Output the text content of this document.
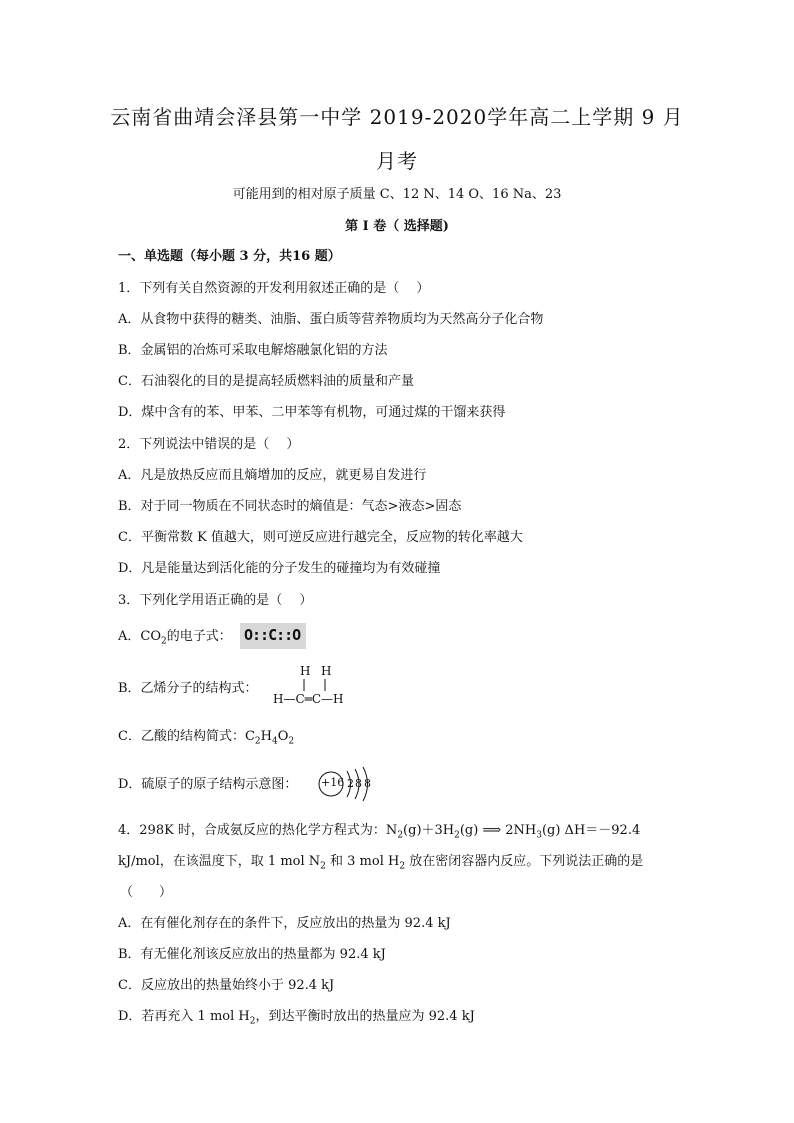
云南省曲靖会泽县第一中学 2019-2020学年高二上学期 9 月
月考
可能用到的相对原子质量 C、12 N、14 O、16 Na、23
第 I 卷（ 选择题)
一、单选题（每小题 3 分，共16 题）
1．下列有关自然资源的开发利用叙述正确的是（　 ）
A．从食物中获得的糖类、油脂、蛋白质等营养物质均为天然高分子化合物
B．金属铝的冶炼可采取电解熔融氯化铝的方法
C．石油裂化的目的是提高轻质燃料油的质量和产量
D．煤中含有的苯、甲苯、二甲苯等有机物，可通过煤的干馏来获得
2．下列说法中错误的是（　 ）
A．凡是放热反应而且熵增加的反应，就更易自发进行
B．对于同一物质在不同状态时的熵值是：气态>液态>固态
C．平衡常数 K 值越大，则可逆反应进行越完全，反应物的转化率越大
D．凡是能量达到活化能的分子发生的碰撞均为有效碰撞
3．下列化学用语正确的是（　 ）
A．$CO_2$的电子式： O::C::O
B．乙烯分子的结构式：
H H
H—C═C—H
C．乙酸的结构简式：$C_2H_4O_2$
D．硫原子的原子结构示意图： +16 2 8 8
4．298K 时，合成氨反应的热化学方程式为：$N_2(g)+3H_2(g)$ ⟹ $2NH_3(g)$ ΔH＝－92.4
kJ/mol，在该温度下，取 1 mol $N_2$ 和 3 mol $H_2$ 放在密闭容器内反应。下列说法正确的是
（　　）
A．在有催化剂存在的条件下，反应放出的热量为 92.4 kJ
B．有无催化剂该反应放出的热量都为 92.4 kJ
C．反应放出的热量始终小于 92.4 kJ
D．若再充入 1 mol $H_2$，到达平衡时放出的热量应为 92.4 kJ
